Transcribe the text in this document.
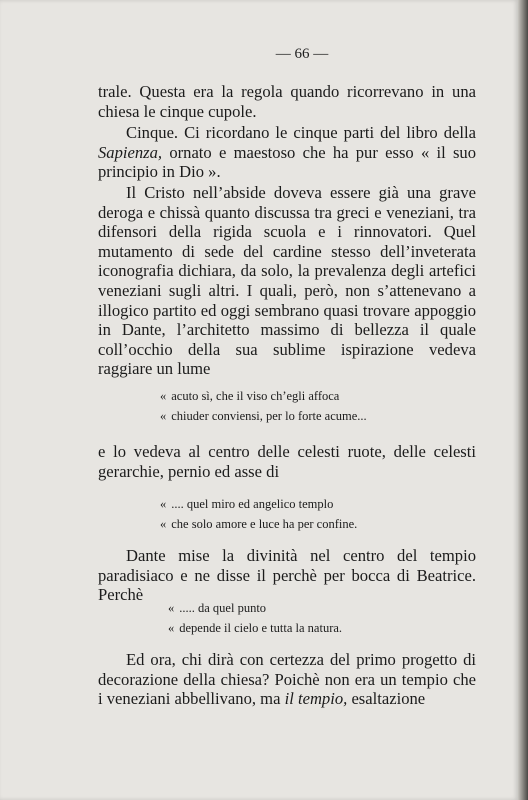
— 66 —

trale. Questa era la regola quando ricorrevano in una chiesa le cinque cupole.

Cinque. Ci ricordano le cinque parti del libro della Sapienza, ornato e maestoso che ha pur esso « il suo principio in Dio ».

Il Cristo nell’abside doveva essere già una grave deroga e chissà quanto discussa tra greci e veneziani, tra difensori della rigida scuola e i rinnovatori. Quel mutamento di sede del cardine stesso dell’inveterata iconografia dichiara, da solo, la prevalenza degli artefici veneziani sugli altri. I quali, però, non s’attenevano a illogico partito ed oggi sembrano quasi trovare appoggio in Dante, l’architetto massimo di bellezza il quale coll’occhio della sua sublime ispirazione vedeva raggiare un lume

« acuto sì, che il viso ch’egli affoca
« chiuder conviensi, per lo forte acume...

e lo vedeva al centro delle celesti ruote, delle celesti gerarchie, pernio ed asse di

« .... quel miro ed angelico templo
« che solo amore e luce ha per confine.

Dante mise la divinità nel centro del tempio paradisiaco e ne disse il perchè per bocca di Beatrice. Perchè

« ..... da quel punto
« depende il cielo e tutta la natura.

Ed ora, chi dirà con certezza del primo progetto di decorazione della chiesa? Poichè non era un tempio che i veneziani abbellivano, ma il tempio, esaltazione
